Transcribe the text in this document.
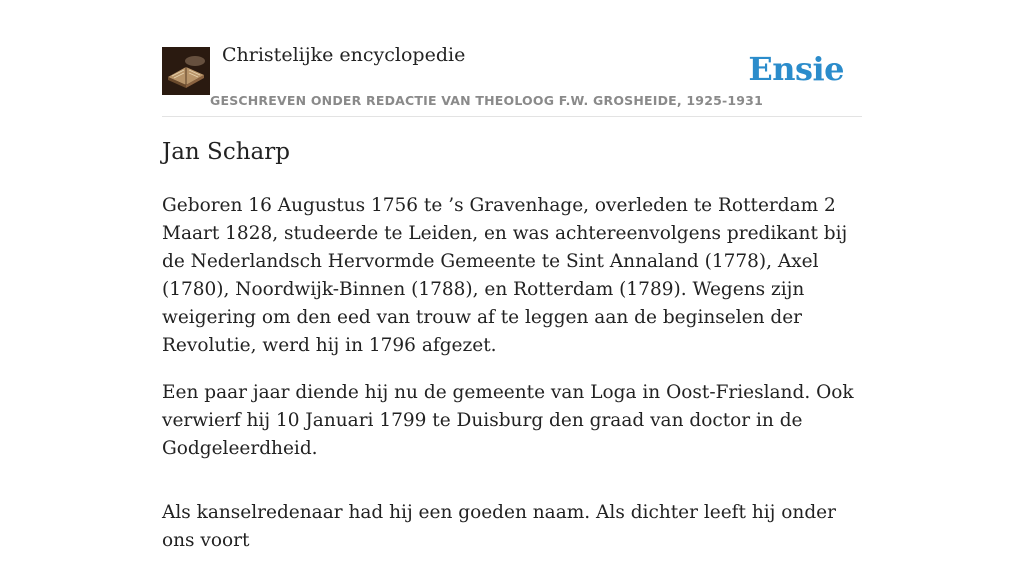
Christelijke encyclopedie
GESCHREVEN ONDER REDACTIE VAN THEOLOOG F.W. GROSHEIDE, 1925-1931
Ensie
Jan Scharp

Geboren 16 Augustus 1756 te ’s Gravenhage, overleden te Rotterdam 2 Maart 1828, studeerde te Leiden, en was achtereenvolgens predikant bij de Nederlandsch Hervormde Gemeente te Sint Annaland (1778), Axel (1780), Noordwijk-Binnen (1788), en Rotterdam (1789). Wegens zijn weigering om den eed van trouw af te leggen aan de beginselen der Revolutie, werd hij in 1796 afgezet.

Een paar jaar diende hij nu de gemeente van Loga in Oost-Friesland. Ook verwierf hij 10 Januari 1799 te Duisburg den graad van doctor in de Godgeleerdheid.

Als kanselredenaar had hij een goeden naam. Als dichter leeft hij onder ons voort
